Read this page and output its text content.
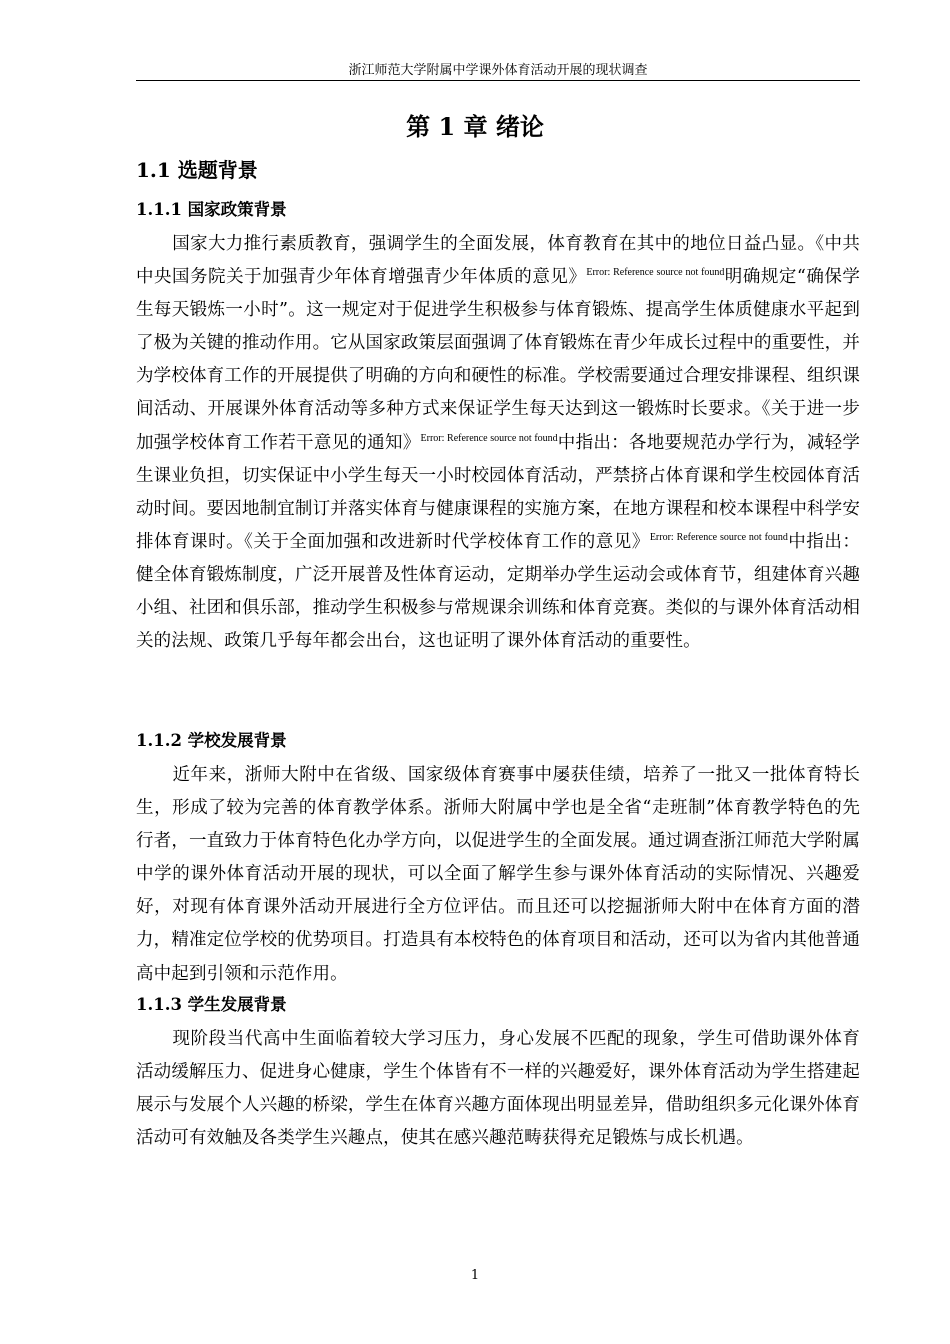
浙江师范大学附属中学课外体育活动开展的现状调查
第 1 章 绪论
1.1 选题背景
1.1.1 国家政策背景
国家大力推行素质教育，强调学生的全面发展，体育教育在其中的地位日益凸显。《中共中央国务院关于加强青少年体育增强青少年体质的意见》$^{Error: Reference source not found}$明确规定“确保学生每天锻炼一小时”。这一规定对于促进学生积极参与体育锻炼、提高学生体质健康水平起到了极为关键的推动作用。它从国家政策层面强调了体育锻炼在青少年成长过程中的重要性，并为学校体育工作的开展提供了明确的方向和硬性的标准。学校需要通过合理安排课程、组织课间活动、开展课外体育活动等多种方式来保证学生每天达到这一锻炼时长要求。《关于进一步加强学校体育工作若干意见的通知》$^{Error: Reference source not found}$中指出：各地要规范办学行为，减轻学生课业负担，切实保证中小学生每天一小时校园体育活动，严禁挤占体育课和学生校园体育活动时间。要因地制宜制订并落实体育与健康课程的实施方案，在地方课程和校本课程中科学安排体育课时。《关于全面加强和改进新时代学校体育工作的意见》$^{Error: Reference source not found}$中指出：健全体育锻炼制度，广泛开展普及性体育运动，定期举办学生运动会或体育节，组建体育兴趣小组、社团和俱乐部，推动学生积极参与常规课余训练和体育竞赛。类似的与课外体育活动相关的法规、政策几乎每年都会出台，这也证明了课外体育活动的重要性。
1.1.2 学校发展背景
近年来，浙师大附中在省级、国家级体育赛事中屡获佳绩，培养了一批又一批体育特长生，形成了较为完善的体育教学体系。浙师大附属中学也是全省“走班制”体育教学特色的先行者，一直致力于体育特色化办学方向，以促进学生的全面发展。通过调查浙江师范大学附属中学的课外体育活动开展的现状，可以全面了解学生参与课外体育活动的实际情况、兴趣爱好，对现有体育课外活动开展进行全方位评估。而且还可以挖掘浙师大附中在体育方面的潜力，精准定位学校的优势项目。打造具有本校特色的体育项目和活动，还可以为省内其他普通高中起到引领和示范作用。
1.1.3 学生发展背景
现阶段当代高中生面临着较大学习压力，身心发展不匹配的现象，学生可借助课外体育活动缓解压力、促进身心健康，学生个体皆有不一样的兴趣爱好，课外体育活动为学生搭建起展示与发展个人兴趣的桥梁，学生在体育兴趣方面体现出明显差异，借助组织多元化课外体育活动可有效触及各类学生兴趣点，使其在感兴趣范畴获得充足锻炼与成长机遇。
1
